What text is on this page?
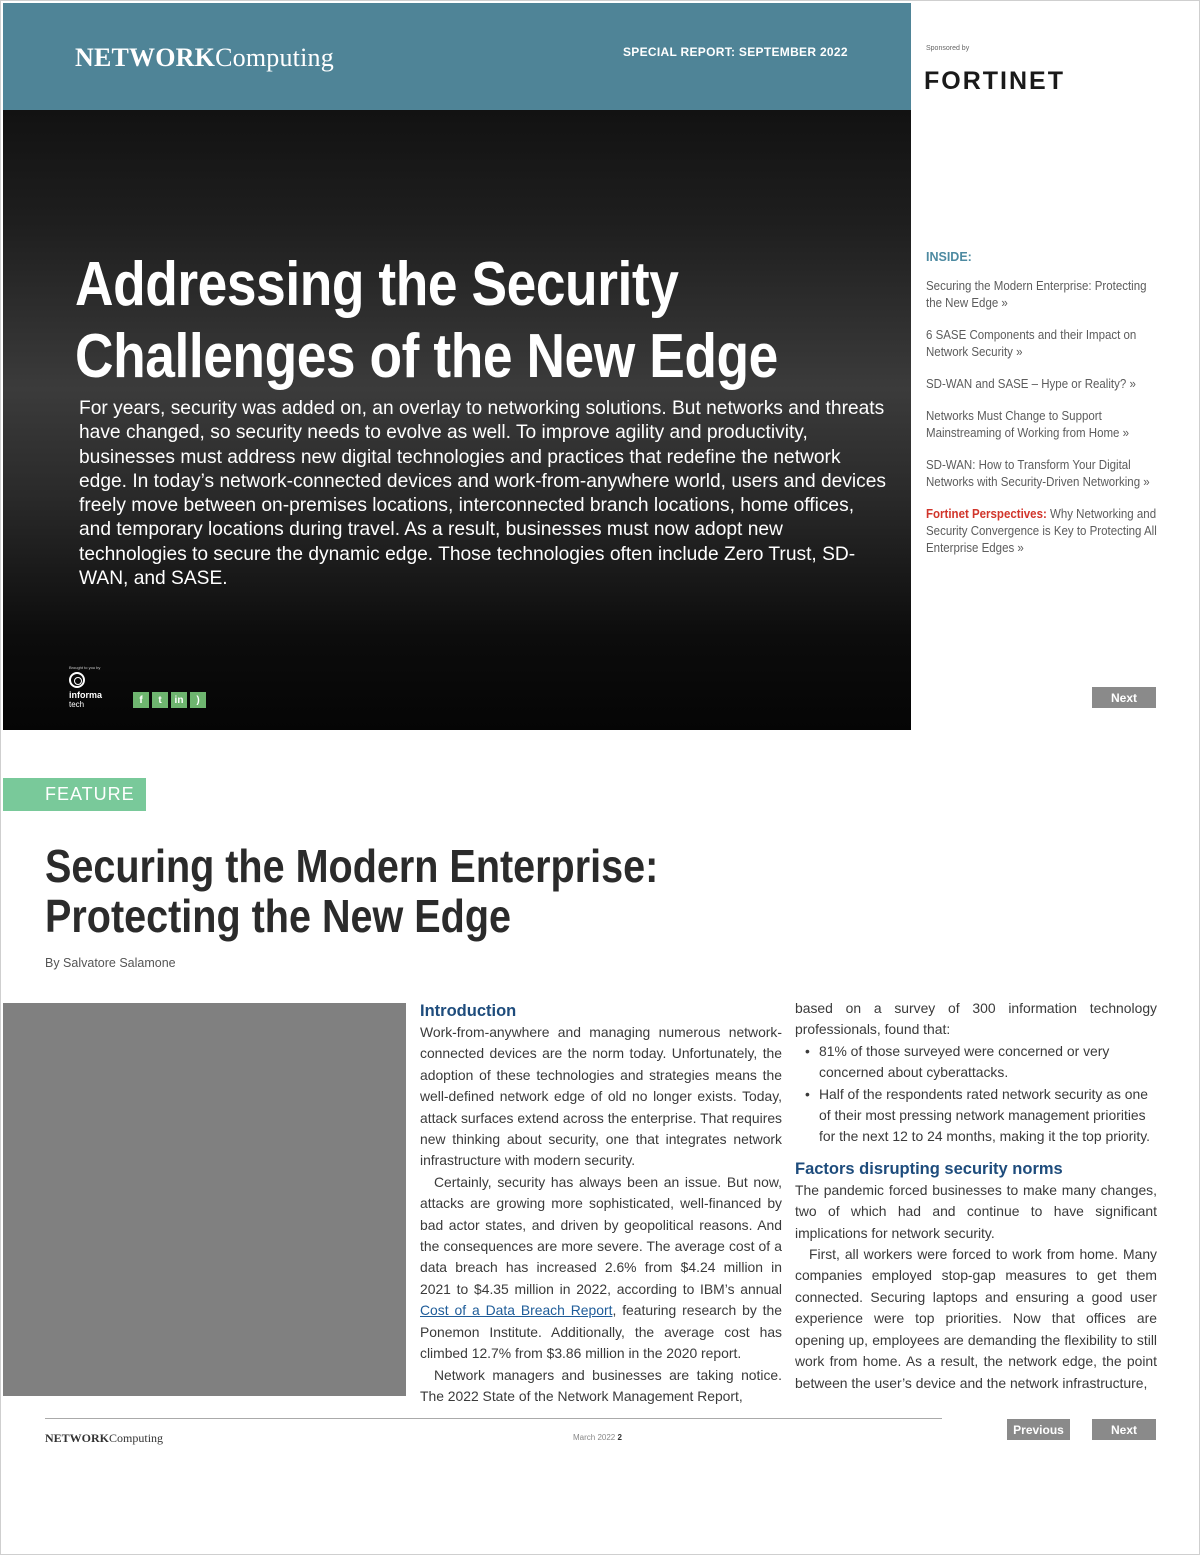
NETWORKComputing	SPECIAL REPORT: SEPTEMBER 2022
Addressing the Security
Challenges of the New Edge
For years, security was added on, an overlay to networking solutions. But networks and threats have changed, so security needs to evolve as well. To improve agility and productivity, businesses must address new digital technologies and practices that redefine the network edge. In today’s network-connected devices and work-from-anywhere world, users and devices freely move between on-premises locations, interconnected branch locations, home offices, and temporary locations during travel. As a result, businesses must now adopt new technologies to secure the dynamic edge. Those technologies often include Zero Trust, SD-WAN, and SASE.
Brought to you by
informa
tech	f	t	in	)
Sponsored by
FORTINET
INSIDE:
Securing the Modern Enterprise: Protecting the New Edge »
6 SASE Components and their Impact on Network Security »
SD-WAN and SASE – Hype or Reality? »
Networks Must Change to Support Mainstreaming of Working from Home »
SD-WAN: How to Transform Your Digital Networks with Security-Driven Networking »
Fortinet Perspectives: Why Networking and Security Convergence is Key to Protecting All Enterprise Edges »
Next
FEATURE
Securing the Modern Enterprise:
Protecting the New Edge
By Salvatore Salamone
Introduction

Work-from-anywhere and managing numerous network-connected devices are the norm today. Unfortunately, the adoption of these technologies and strategies means the well-defined network edge of old no longer exists. Today, attack surfaces extend across the enterprise. That requires new thinking about security, one that integrates network infrastructure with modern security.

Certainly, security has always been an issue. But now, attacks are growing more sophisticated, well-financed by bad actor states, and driven by geopolitical reasons. And the consequences are more severe. The average cost of a data breach has increased 2.6% from $4.24 million in 2021 to $4.35 million in 2022, according to IBM’s annual Cost of a Data Breach Report, featuring research by the Ponemon Institute. Additionally, the average cost has climbed 12.7% from $3.86 million in the 2020 report.

Network managers and businesses are taking notice. The 2022 State of the Network Management Report,

based on a survey of 300 information technology professionals, found that:

• 81% of those surveyed were concerned or very concerned about cyberattacks.
• Half of the respondents rated network security as one of their most pressing network management priorities for the next 12 to 24 months, making it the top priority.
Factors disrupting security norms

The pandemic forced businesses to make many changes, two of which had and continue to have significant implications for network security.

First, all workers were forced to work from home. Many companies employed stop-gap measures to get them connected. Securing laptops and ensuring a good user experience were top priorities. Now that offices are opening up, employees are demanding the flexibility to still work from home. As a result, the network edge, the point between the user’s device and the network infrastructure,

NETWORKComputing	March 2022 2
Previous	Next
